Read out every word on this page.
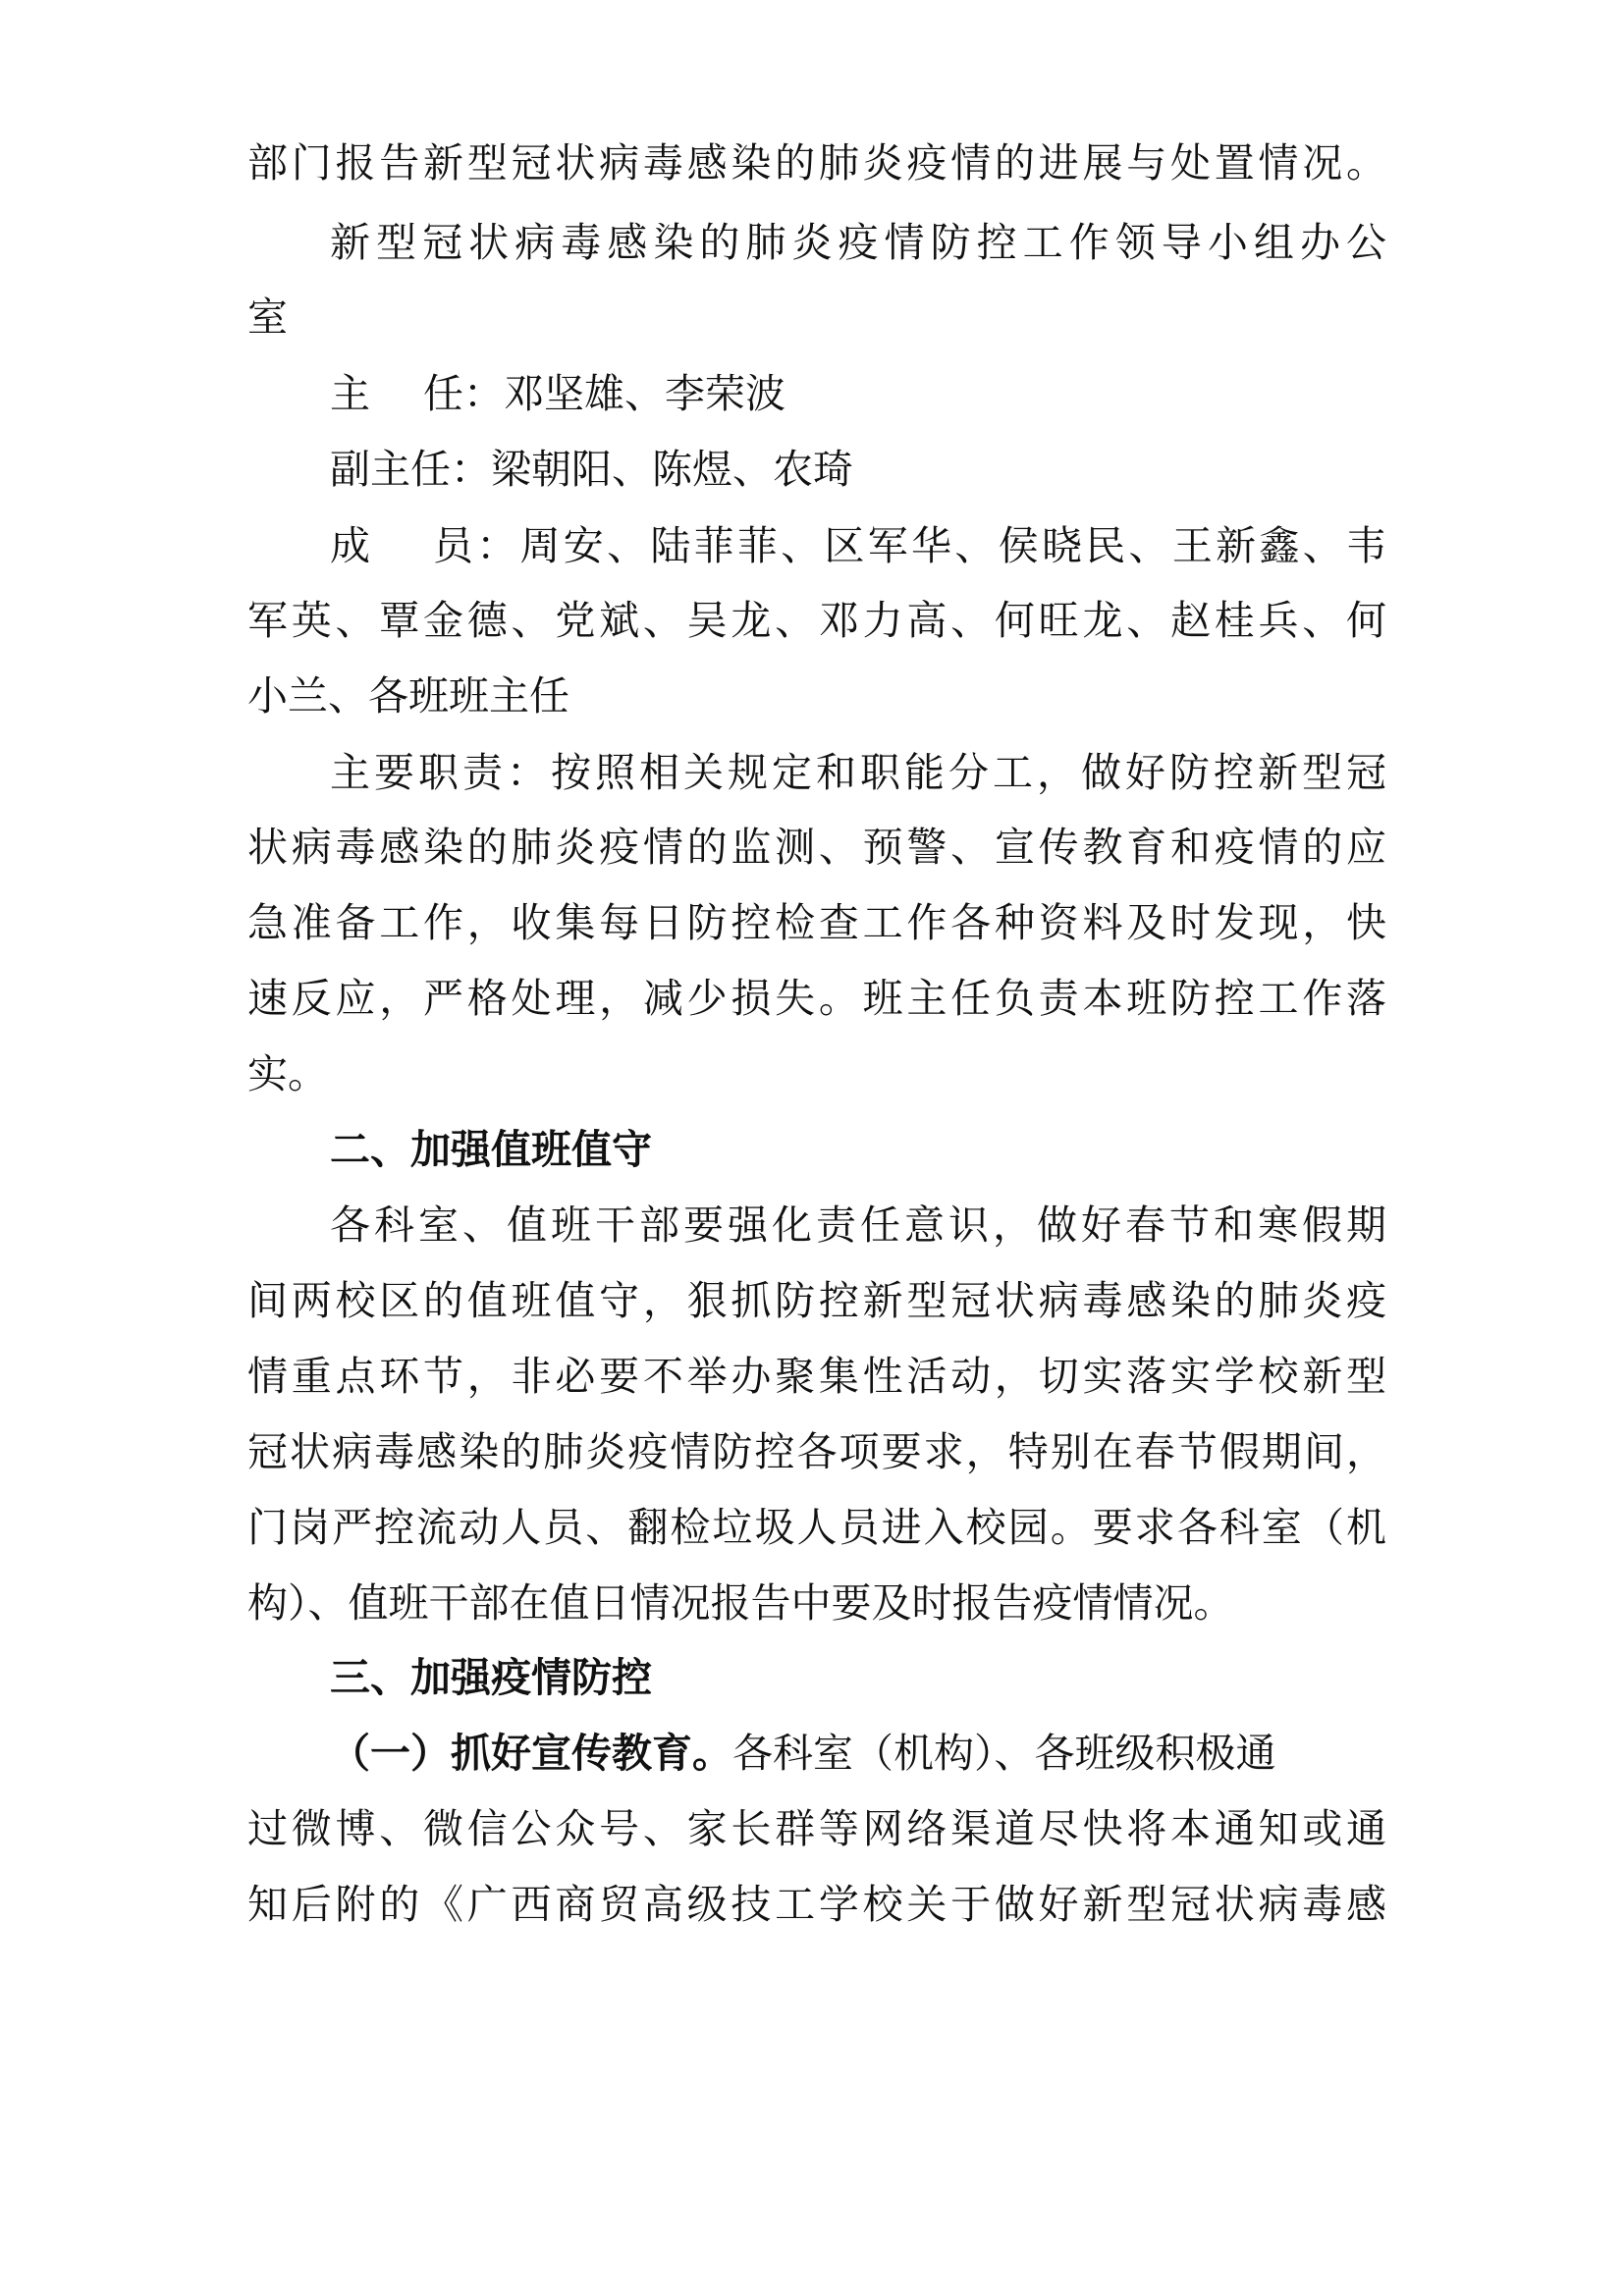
部门报告新型冠状病毒感染的肺炎疫情的进展与处置情况。
新型冠状病毒感染的肺炎疫情防控工作领导小组办公
室
主　 任：邓坚雄、李荣波
副主任：梁朝阳、陈煜、农琦
成　 员：周安、陆菲菲、区军华、侯晓民、王新鑫、韦
军英、覃金德、党斌、吴龙、邓力高、何旺龙、赵桂兵、何
小兰、各班班主任
主要职责：按照相关规定和职能分工，做好防控新型冠
状病毒感染的肺炎疫情的监测、预警、宣传教育和疫情的应
急准备工作，收集每日防控检查工作各种资料及时发现，快
速反应，严格处理，减少损失。班主任负责本班防控工作落
实。
二、加强值班值守
各科室、值班干部要强化责任意识，做好春节和寒假期
间两校区的值班值守，狠抓防控新型冠状病毒感染的肺炎疫
情重点环节，非必要不举办聚集性活动，切实落实学校新型
冠状病毒感染的肺炎疫情防控各项要求，特别在春节假期间，
门岗严控流动人员、翻检垃圾人员进入校园。要求各科室（机
构）、值班干部在值日情况报告中要及时报告疫情情况。
三、加强疫情防控
（一）抓好宣传教育。各科室（机构）、各班级积极通
过微博、微信公众号、家长群等网络渠道尽快将本通知或通
知后附的《广西商贸高级技工学校关于做好新型冠状病毒感
